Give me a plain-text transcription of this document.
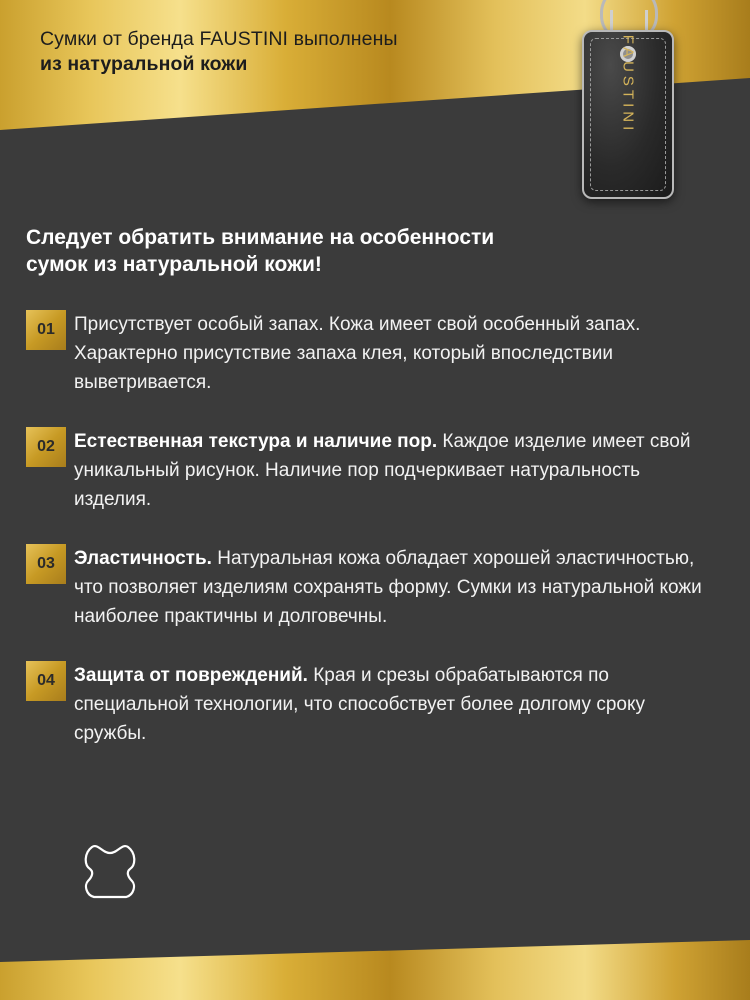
Сумки от бренда FAUSTINI выполнены
из натуральной кожи	FAUSTINI
Следует обратить внимание на особенности
сумок из натуральной кожи!
01	Присутствует особый запах. Кожа имеет свой особенный запах. Характерно присутствие запаха клея, который впоследствии выветривается.
02	Естественная текстура и наличие пор. Каждое изделие имеет свой уникальный рисунок. Наличие пор подчеркивает натуральность изделия.
03	Эластичность. Натуральная кожа обладает хорошей эластичностью, что позволяет изделиям сохранять форму. Сумки из натуральной кожи наиболее практичны и долговечны.
04	Защита от повреждений. Края и срезы обрабатываются по специальной технологии, что способствует более долгому сроку сружбы.
